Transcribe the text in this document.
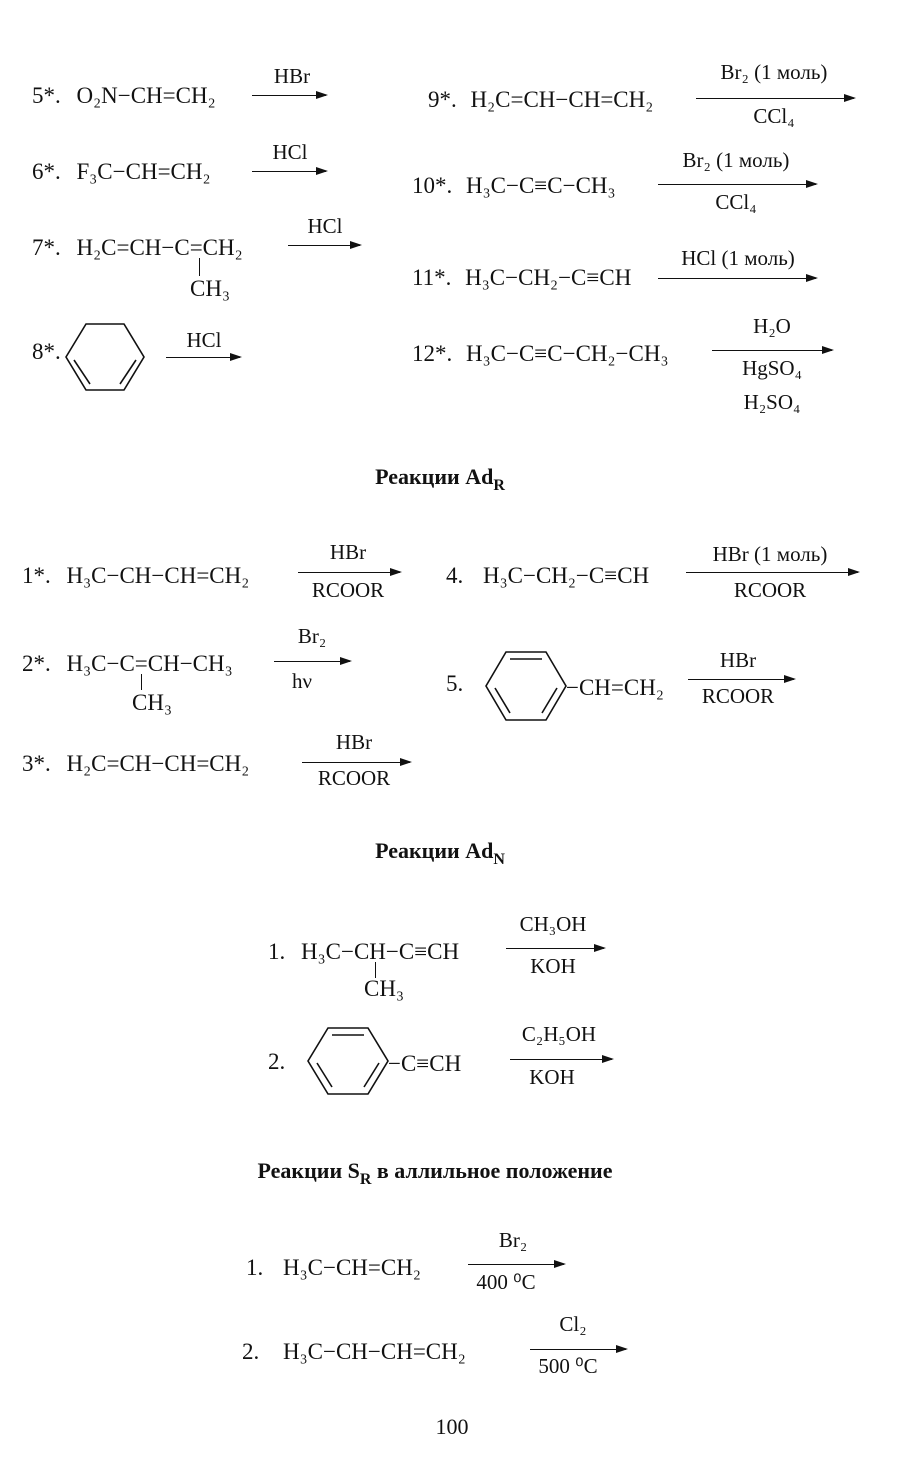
5*. O₂N−CH=CH₂
HBr
6*. F₃C−CH=CH₂
HCl
7*. H₂C=CH−C=CH₂
CH₃
HCl
8*.	HCl
9*. H₂C=CH−CH=CH₂
Br₂ (1 моль)
CCl₄
10*. H₃C−C≡C−CH₃
Br₂ (1 моль)
CCl₄
11*. H₃C−CH₂−C≡CH
HCl (1 моль)
12*. H₃C−C≡C−CH₂−CH₃
H₂O
HgSO₄
H₂SO₄
Реакции $Ad_R$
1*. H₃C−CH−CH=CH₂
HBr
RCOOR
2*. H₃C−C=CH−CH₃
CH₃
Br₂
hν
3*. H₂C=CH−CH=CH₂
HBr
RCOOR
4. H₃C−CH₂−C≡CH
HBr (1 моль)
RCOOR
5.	−CH=CH₂
HBr
RCOOR
Реакции $Ad_N$
1. H₃C−CH−C≡CH
CH₃
CH₃OH
KOH
2.	−C≡CH
C₂H₅OH
KOH
Реакции $S_R$ в аллильное положение
1. H₃C−CH=CH₂
Br₂
400 ⁰C
2. H₃C−CH−CH=CH₂
Cl₂
500 ⁰C
100
